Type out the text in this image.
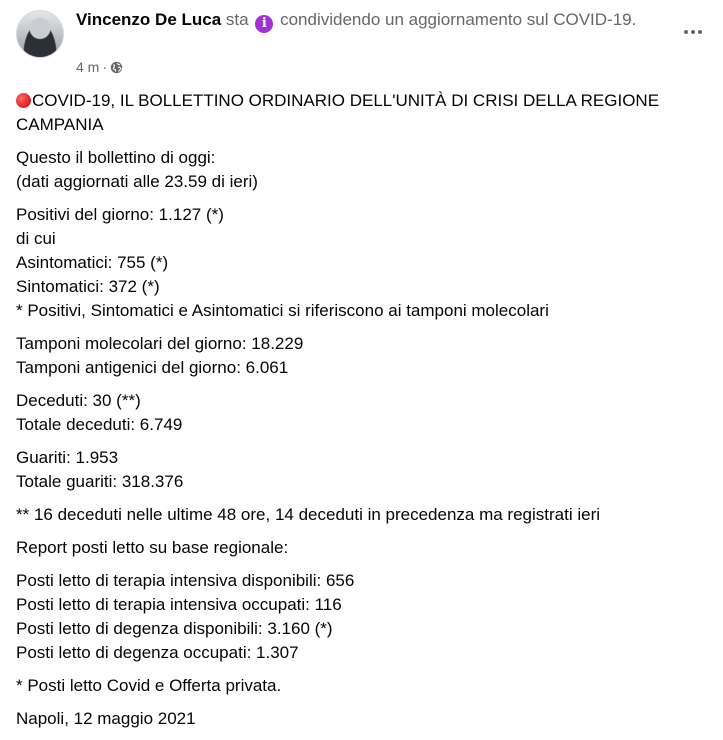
Vincenzo De Luca sta i condividendo un aggiornamento sul COVID-19.
4 m ·

COVID-19, IL BOLLETTINO ORDINARIO DELL'UNITÀ DI CRISI DELLA REGIONE CAMPANIA

Questo il bollettino di oggi:
(dati aggiornati alle 23.59 di ieri)

Positivi del giorno: 1.127 (*)
di cui
Asintomatici: 755 (*)
Sintomatici: 372 (*)
* Positivi, Sintomatici e Asintomatici si riferiscono ai tamponi molecolari

Tamponi molecolari del giorno: 18.229
Tamponi antigenici del giorno: 6.061

Deceduti: 30 (**)
Totale deceduti: 6.749

Guariti: 1.953
Totale guariti: 318.376

** 16 deceduti nelle ultime 48 ore, 14 deceduti in precedenza ma registrati ieri

Report posti letto su base regionale:

Posti letto di terapia intensiva disponibili: 656
Posti letto di terapia intensiva occupati: 116
Posti letto di degenza disponibili: 3.160 (*)
Posti letto di degenza occupati: 1.307

* Posti letto Covid e Offerta privata.

Napoli, 12 maggio 2021
